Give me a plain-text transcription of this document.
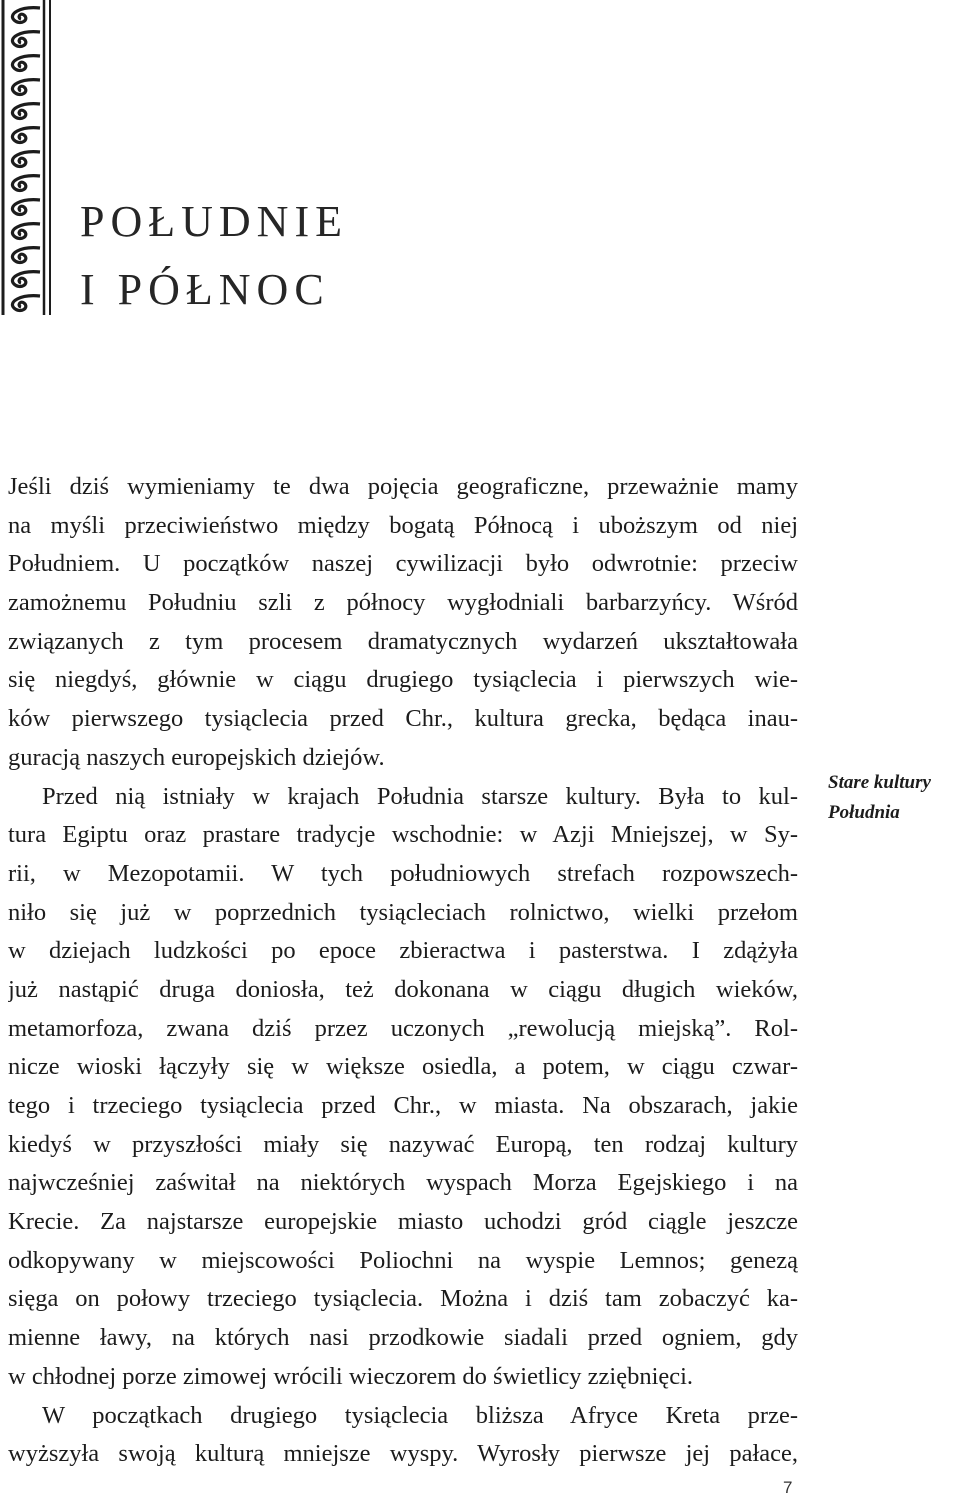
POŁUDNIE
I PÓŁNOC
Jeśli dziś wymieniamy te dwa pojęcia geograficzne, przeważnie mamy
na myśli przeciwieństwo między bogatą Północą i uboższym od niej
Południem. U początków naszej cywilizacji było odwrotnie: przeciw
zamożnemu Południu szli z północy wygłodniali barbarzyńcy. Wśród
związanych z tym procesem dramatycznych wydarzeń ukształtowała
się niegdyś, głównie w ciągu drugiego tysiąclecia i pierwszych wie-
ków pierwszego tysiąclecia przed Chr., kultura grecka, będąca inau-
guracją naszych europejskich dziejów.
Przed nią istniały w krajach Południa starsze kultury. Była to kul-
tura Egiptu oraz prastare tradycje wschodnie: w Azji Mniejszej, w Sy-
rii, w Mezopotamii. W tych południowych strefach rozpowszech-
niło się już w poprzednich tysiącleciach rolnictwo, wielki przełom
w dziejach ludzkości po epoce zbieractwa i pasterstwa. I zdążyła
już nastąpić druga doniosła, też dokonana w ciągu długich wieków,
metamorfoza, zwana dziś przez uczonych „rewolucją miejską”. Rol-
nicze wioski łączyły się w większe osiedla, a potem, w ciągu czwar-
tego i trzeciego tysiąclecia przed Chr., w miasta. Na obszarach, jakie
kiedyś w przyszłości miały się nazywać Europą, ten rodzaj kultury
najwcześniej zaświtał na niektórych wyspach Morza Egejskiego i na
Krecie. Za najstarsze europejskie miasto uchodzi gród ciągle jeszcze
odkopywany w miejscowości Poliochni na wyspie Lemnos; genezą
sięga on połowy trzeciego tysiąclecia. Można i dziś tam zobaczyć ka-
mienne ławy, na których nasi przodkowie siadali przed ogniem, gdy
w chłodnej porze zimowej wrócili wieczorem do świetlicy zziębnięci.
W początkach drugiego tysiąclecia bliższa Afryce Kreta prze-
wyższyła swoją kulturą mniejsze wyspy. Wyrosły pierwsze jej pałace,
Stare kultury
Południa
7
